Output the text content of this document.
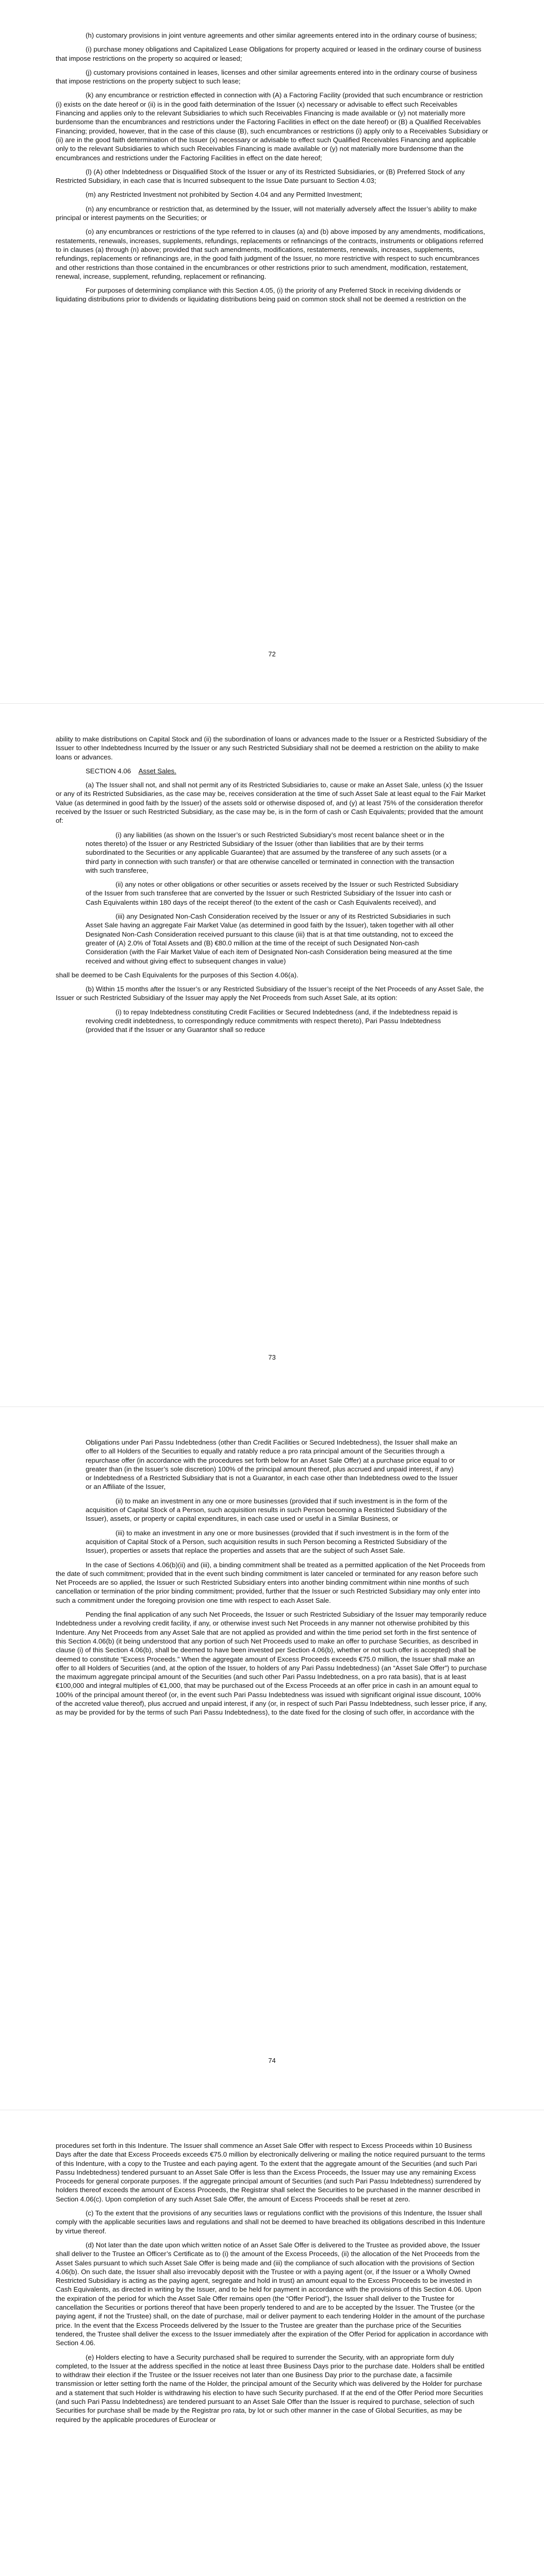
(h) customary provisions in joint venture agreements and other similar agreements entered into in the ordinary course of business;

(i) purchase money obligations and Capitalized Lease Obligations for property acquired or leased in the ordinary course of business that impose restrictions on the property so acquired or leased;

(j) customary provisions contained in leases, licenses and other similar agreements entered into in the ordinary course of business that impose restrictions on the property subject to such lease;

(k) any encumbrance or restriction effected in connection with (A) a Factoring Facility (provided that such encumbrance or restriction (i) exists on the date hereof or (ii) is in the good faith determination of the Issuer (x) necessary or advisable to effect such Receivables Financing and applies only to the relevant Subsidiaries to which such Receivables Financing is made available or (y) not materially more burdensome than the encumbrances and restrictions under the Factoring Facilities in effect on the date hereof) or (B) a Qualified Receivables Financing; provided, however, that in the case of this clause (B), such encumbrances or restrictions (i) apply only to a Receivables Subsidiary or (ii) are in the good faith determination of the Issuer (x) necessary or advisable to effect such Qualified Receivables Financing and applicable only to the relevant Subsidiaries to which such Receivables Financing is made available or (y) not materially more burdensome than the encumbrances and restrictions under the Factoring Facilities in effect on the date hereof;

(l) (A) other Indebtedness or Disqualified Stock of the Issuer or any of its Restricted Subsidiaries, or (B) Preferred Stock of any Restricted Subsidiary, in each case that is Incurred subsequent to the Issue Date pursuant to Section 4.03;

(m) any Restricted Investment not prohibited by Section 4.04 and any Permitted Investment;

(n) any encumbrance or restriction that, as determined by the Issuer, will not materially adversely affect the Issuer’s ability to make principal or interest payments on the Securities; or

(o) any encumbrances or restrictions of the type referred to in clauses (a) and (b) above imposed by any amendments, modifications, restatements, renewals, increases, supplements, refundings, replacements or refinancings of the contracts, instruments or obligations referred to in clauses (a) through (n) above; provided that such amendments, modifications, restatements, renewals, increases, supplements, refundings, replacements or refinancings are, in the good faith judgment of the Issuer, no more restrictive with respect to such encumbrances and other restrictions than those contained in the encumbrances or other restrictions prior to such amendment, modification, restatement, renewal, increase, supplement, refunding, replacement or refinancing.

For purposes of determining compliance with this Section 4.05, (i) the priority of any Preferred Stock in receiving dividends or liquidating distributions prior to dividends or liquidating distributions being paid on common stock shall not be deemed a restriction on the

72

ability to make distributions on Capital Stock and (ii) the subordination of loans or advances made to the Issuer or a Restricted Subsidiary of the Issuer to other Indebtedness Incurred by the Issuer or any such Restricted Subsidiary shall not be deemed a restriction on the ability to make loans or advances.

SECTION 4.06 Asset Sales.

(a) The Issuer shall not, and shall not permit any of its Restricted Subsidiaries to, cause or make an Asset Sale, unless (x) the Issuer or any of its Restricted Subsidiaries, as the case may be, receives consideration at the time of such Asset Sale at least equal to the Fair Market Value (as determined in good faith by the Issuer) of the assets sold or otherwise disposed of, and (y) at least 75% of the consideration therefor received by the Issuer or such Restricted Subsidiary, as the case may be, is in the form of cash or Cash Equivalents; provided that the amount of:

(i) any liabilities (as shown on the Issuer’s or such Restricted Subsidiary’s most recent balance sheet or in the notes thereto) of the Issuer or any Restricted Subsidiary of the Issuer (other than liabilities that are by their terms subordinated to the Securities or any applicable Guarantee) that are assumed by the transferee of any such assets (or a third party in connection with such transfer) or that are otherwise cancelled or terminated in connection with the transaction with such transferee,

(ii) any notes or other obligations or other securities or assets received by the Issuer or such Restricted Subsidiary of the Issuer from such transferee that are converted by the Issuer or such Restricted Subsidiary of the Issuer into cash or Cash Equivalents within 180 days of the receipt thereof (to the extent of the cash or Cash Equivalents received), and

(iii) any Designated Non-Cash Consideration received by the Issuer or any of its Restricted Subsidiaries in such Asset Sale having an aggregate Fair Market Value (as determined in good faith by the Issuer), taken together with all other Designated Non-Cash Consideration received pursuant to this clause (iii) that is at that time outstanding, not to exceed the greater of (A) 2.0% of Total Assets and (B) €80.0 million at the time of the receipt of such Designated Non-cash Consideration (with the Fair Market Value of each item of Designated Non-cash Consideration being measured at the time received and without giving effect to subsequent changes in value)

shall be deemed to be Cash Equivalents for the purposes of this Section 4.06(a).

(b) Within 15 months after the Issuer’s or any Restricted Subsidiary of the Issuer’s receipt of the Net Proceeds of any Asset Sale, the Issuer or such Restricted Subsidiary of the Issuer may apply the Net Proceeds from such Asset Sale, at its option:

(i) to repay Indebtedness constituting Credit Facilities or Secured Indebtedness (and, if the Indebtedness repaid is revolving credit indebtedness, to correspondingly reduce commitments with respect thereto), Pari Passu Indebtedness (provided that if the Issuer or any Guarantor shall so reduce

73

Obligations under Pari Passu Indebtedness (other than Credit Facilities or Secured Indebtedness), the Issuer shall make an offer to all Holders of the Securities to equally and ratably reduce a pro rata principal amount of the Securities through a repurchase offer (in accordance with the procedures set forth below for an Asset Sale Offer) at a purchase price equal to or greater than (in the Issuer’s sole discretion) 100% of the principal amount thereof, plus accrued and unpaid interest, if any) or Indebtedness of a Restricted Subsidiary that is not a Guarantor, in each case other than Indebtedness owed to the Issuer or an Affiliate of the Issuer,

(ii) to make an investment in any one or more businesses (provided that if such investment is in the form of the acquisition of Capital Stock of a Person, such acquisition results in such Person becoming a Restricted Subsidiary of the Issuer), assets, or property or capital expenditures, in each case used or useful in a Similar Business, or

(iii) to make an investment in any one or more businesses (provided that if such investment is in the form of the acquisition of Capital Stock of a Person, such acquisition results in such Person becoming a Restricted Subsidiary of the Issuer), properties or assets that replace the properties and assets that are the subject of such Asset Sale.

In the case of Sections 4.06(b)(ii) and (iii), a binding commitment shall be treated as a permitted application of the Net Proceeds from the date of such commitment; provided that in the event such binding commitment is later canceled or terminated for any reason before such Net Proceeds are so applied, the Issuer or such Restricted Subsidiary enters into another binding commitment within nine months of such cancellation or termination of the prior binding commitment; provided, further that the Issuer or such Restricted Subsidiary may only enter into such a commitment under the foregoing provision one time with respect to each Asset Sale.

Pending the final application of any such Net Proceeds, the Issuer or such Restricted Subsidiary of the Issuer may temporarily reduce Indebtedness under a revolving credit facility, if any, or otherwise invest such Net Proceeds in any manner not otherwise prohibited by this Indenture. Any Net Proceeds from any Asset Sale that are not applied as provided and within the time period set forth in the first sentence of this Section 4.06(b) (it being understood that any portion of such Net Proceeds used to make an offer to purchase Securities, as described in clause (i) of this Section 4.06(b), shall be deemed to have been invested per Section 4.06(b), whether or not such offer is accepted) shall be deemed to constitute “Excess Proceeds.” When the aggregate amount of Excess Proceeds exceeds €75.0 million, the Issuer shall make an offer to all Holders of Securities (and, at the option of the Issuer, to holders of any Pari Passu Indebtedness) (an “Asset Sale Offer”) to purchase the maximum aggregate principal amount of the Securities (and such other Pari Passu Indebtedness, on a pro rata basis), that is at least €100,000 and integral multiples of €1,000, that may be purchased out of the Excess Proceeds at an offer price in cash in an amount equal to 100% of the principal amount thereof (or, in the event such Pari Passu Indebtedness was issued with significant original issue discount, 100% of the accreted value thereof), plus accrued and unpaid interest, if any (or, in respect of such Pari Passu Indebtedness, such lesser price, if any, as may be provided for by the terms of such Pari Passu Indebtedness), to the date fixed for the closing of such offer, in accordance with the

74

procedures set forth in this Indenture. The Issuer shall commence an Asset Sale Offer with respect to Excess Proceeds within 10 Business Days after the date that Excess Proceeds exceeds €75.0 million by electronically delivering or mailing the notice required pursuant to the terms of this Indenture, with a copy to the Trustee and each paying agent. To the extent that the aggregate amount of the Securities (and such Pari Passu Indebtedness) tendered pursuant to an Asset Sale Offer is less than the Excess Proceeds, the Issuer may use any remaining Excess Proceeds for general corporate purposes. If the aggregate principal amount of Securities (and such Pari Passu Indebtedness) surrendered by holders thereof exceeds the amount of Excess Proceeds, the Registrar shall select the Securities to be purchased in the manner described in Section 4.06(c). Upon completion of any such Asset Sale Offer, the amount of Excess Proceeds shall be reset at zero.

(c) To the extent that the provisions of any securities laws or regulations conflict with the provisions of this Indenture, the Issuer shall comply with the applicable securities laws and regulations and shall not be deemed to have breached its obligations described in this Indenture by virtue thereof.

(d) Not later than the date upon which written notice of an Asset Sale Offer is delivered to the Trustee as provided above, the Issuer shall deliver to the Trustee an Officer’s Certificate as to (i) the amount of the Excess Proceeds, (ii) the allocation of the Net Proceeds from the Asset Sales pursuant to which such Asset Sale Offer is being made and (iii) the compliance of such allocation with the provisions of Section 4.06(b). On such date, the Issuer shall also irrevocably deposit with the Trustee or with a paying agent (or, if the Issuer or a Wholly Owned Restricted Subsidiary is acting as the paying agent, segregate and hold in trust) an amount equal to the Excess Proceeds to be invested in Cash Equivalents, as directed in writing by the Issuer, and to be held for payment in accordance with the provisions of this Section 4.06. Upon the expiration of the period for which the Asset Sale Offer remains open (the “Offer Period”), the Issuer shall deliver to the Trustee for cancellation the Securities or portions thereof that have been properly tendered to and are to be accepted by the Issuer. The Trustee (or the paying agent, if not the Trustee) shall, on the date of purchase, mail or deliver payment to each tendering Holder in the amount of the purchase price. In the event that the Excess Proceeds delivered by the Issuer to the Trustee are greater than the purchase price of the Securities tendered, the Trustee shall deliver the excess to the Issuer immediately after the expiration of the Offer Period for application in accordance with Section 4.06.

(e) Holders electing to have a Security purchased shall be required to surrender the Security, with an appropriate form duly completed, to the Issuer at the address specified in the notice at least three Business Days prior to the purchase date. Holders shall be entitled to withdraw their election if the Trustee or the Issuer receives not later than one Business Day prior to the purchase date, a facsimile transmission or letter setting forth the name of the Holder, the principal amount of the Security which was delivered by the Holder for purchase and a statement that such Holder is withdrawing his election to have such Security purchased. If at the end of the Offer Period more Securities (and such Pari Passu Indebtedness) are tendered pursuant to an Asset Sale Offer than the Issuer is required to purchase, selection of such Securities for purchase shall be made by the Registrar pro rata, by lot or such other manner in the case of Global Securities, as may be required by the applicable procedures of Euroclear or
